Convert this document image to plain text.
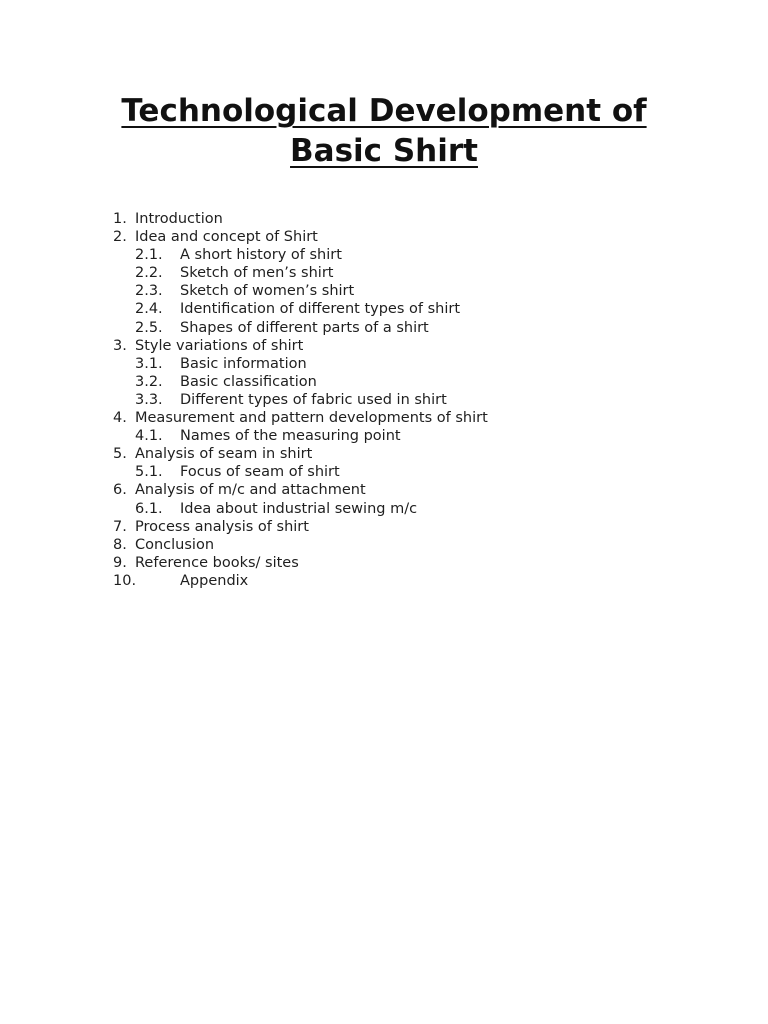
Technological Development of
Basic Shirt
1. Introduction
2. Idea and concept of Shirt
2.1. A short history of shirt
2.2. Sketch of men’s shirt
2.3. Sketch of women’s shirt
2.4. Identification of different types of shirt
2.5. Shapes of different parts of a shirt
3. Style variations of shirt
3.1. Basic information
3.2. Basic classification
3.3. Different types of fabric used in shirt
4. Measurement and pattern developments of shirt
4.1. Names of the measuring point
5. Analysis of seam in shirt
5.1. Focus of seam of shirt
6. Analysis of m/c and attachment
6.1. Idea about industrial sewing m/c
7. Process analysis of shirt
8. Conclusion
9. Reference books/ sites
10.	Appendix
